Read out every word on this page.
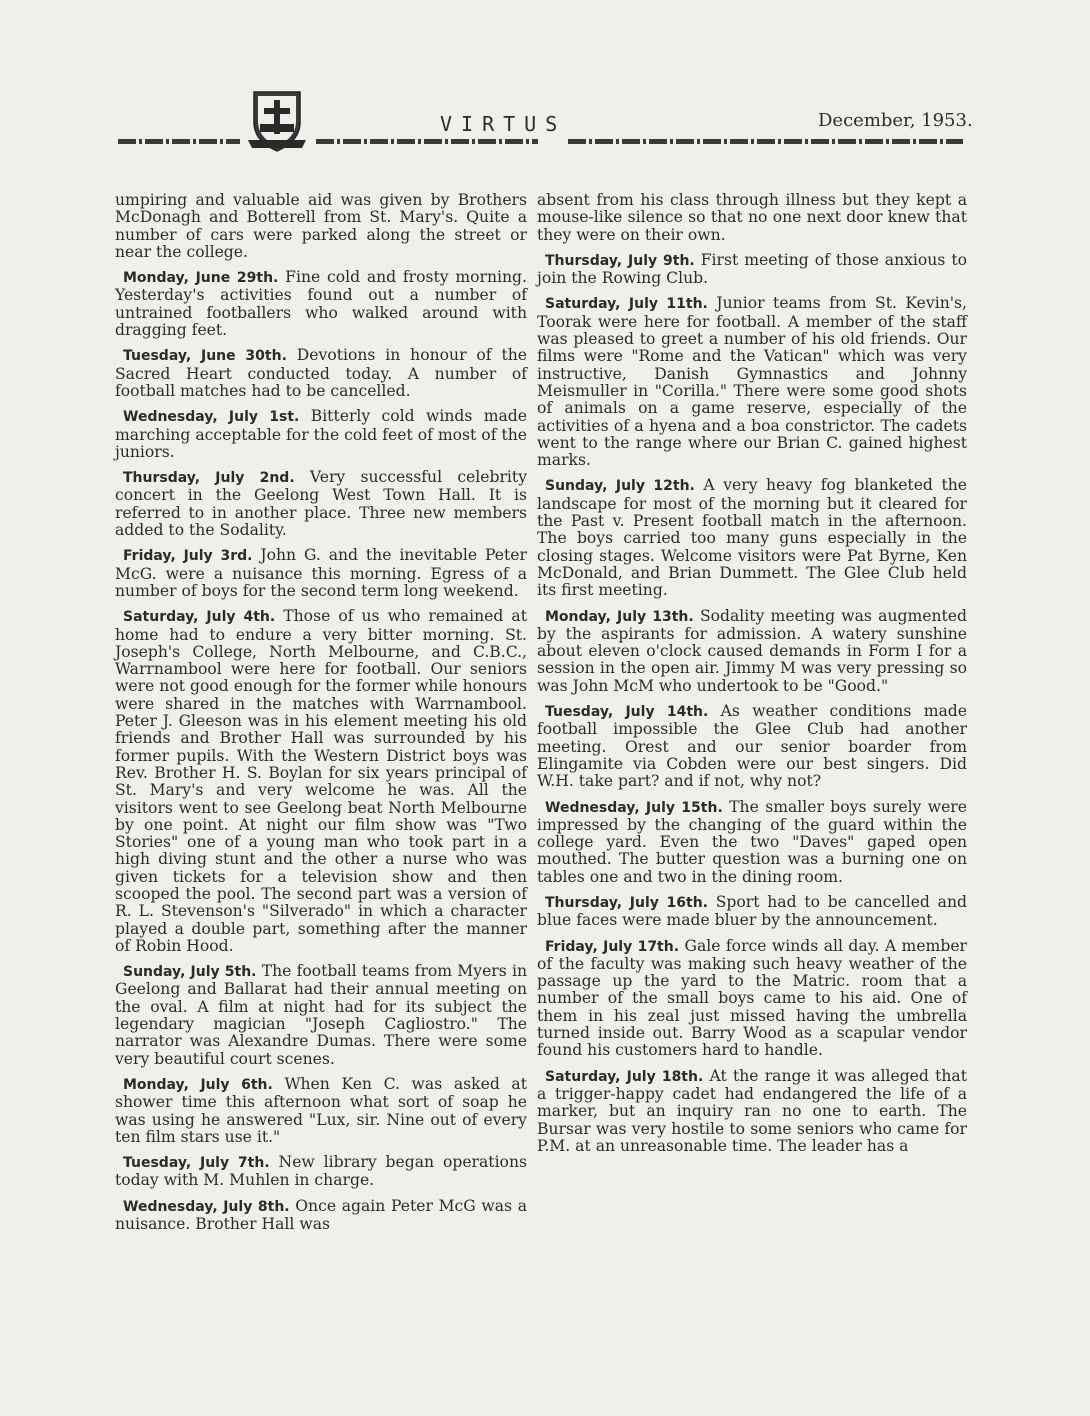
VIRTUS	December, 1953.

umpiring and valuable aid was given by Brothers McDonagh and Botterell from St. Mary's. Quite a number of cars were parked along the street or near the college.

Monday, June 29th. Fine cold and frosty morning. Yesterday's activities found out a number of untrained footballers who walked around with dragging feet.

Tuesday, June 30th. Devotions in honour of the Sacred Heart conducted today. A number of football matches had to be cancelled.

Wednesday, July 1st. Bitterly cold winds made marching acceptable for the cold feet of most of the juniors.

Thursday, July 2nd. Very successful celebrity concert in the Geelong West Town Hall. It is referred to in another place. Three new members added to the Sodality.

Friday, July 3rd. John G. and the inevitable Peter McG. were a nuisance this morning. Egress of a number of boys for the second term long weekend.

Saturday, July 4th. Those of us who remained at home had to endure a very bitter morning. St. Joseph's College, North Melbourne, and C.B.C., Warrnambool were here for football. Our seniors were not good enough for the former while honours were shared in the matches with Warrnambool. Peter J. Gleeson was in his element meeting his old friends and Brother Hall was surrounded by his former pupils. With the Western District boys was Rev. Brother H. S. Boylan for six years principal of St. Mary's and very welcome he was. All the visitors went to see Geelong beat North Melbourne by one point. At night our film show was "Two Stories" one of a young man who took part in a high diving stunt and the other a nurse who was given tickets for a television show and then scooped the pool. The second part was a version of R. L. Stevenson's "Silverado" in which a character played a double part, something after the manner of Robin Hood.

Sunday, July 5th. The football teams from Myers in Geelong and Ballarat had their annual meeting on the oval. A film at night had for its subject the legendary magician "Joseph Cagliostro." The narrator was Alexandre Dumas. There were some very beautiful court scenes.

Monday, July 6th. When Ken C. was asked at shower time this afternoon what sort of soap he was using he answered "Lux, sir. Nine out of every ten film stars use it."

Tuesday, July 7th. New library began operations today with M. Muhlen in charge.

Wednesday, July 8th. Once again Peter McG was a nuisance. Brother Hall was

absent from his class through illness but they kept a mouse-like silence so that no one next door knew that they were on their own.

Thursday, July 9th. First meeting of those anxious to join the Rowing Club.

Saturday, July 11th. Junior teams from St. Kevin's, Toorak were here for football. A member of the staff was pleased to greet a number of his old friends. Our films were "Rome and the Vatican" which was very instructive, Danish Gymnastics and Johnny Meismuller in "Corilla." There were some good shots of animals on a game reserve, especially of the activities of a hyena and a boa constrictor. The cadets went to the range where our Brian C. gained highest marks.

Sunday, July 12th. A very heavy fog blanketed the landscape for most of the morning but it cleared for the Past v. Present football match in the afternoon. The boys carried too many guns especially in the closing stages. Welcome visitors were Pat Byrne, Ken McDonald, and Brian Dummett. The Glee Club held its first meeting.

Monday, July 13th. Sodality meeting was augmented by the aspirants for admission. A watery sunshine about eleven o'clock caused demands in Form I for a session in the open air. Jimmy M was very pressing so was John McM who undertook to be "Good."

Tuesday, July 14th. As weather conditions made football impossible the Glee Club had another meeting. Orest and our senior boarder from Elingamite via Cobden were our best singers. Did W.H. take part? and if not, why not?

Wednesday, July 15th. The smaller boys surely were impressed by the changing of the guard within the college yard. Even the two "Daves" gaped open mouthed. The butter question was a burning one on tables one and two in the dining room.

Thursday, July 16th. Sport had to be cancelled and blue faces were made bluer by the announcement.

Friday, July 17th. Gale force winds all day. A member of the faculty was making such heavy weather of the passage up the yard to the Matric. room that a number of the small boys came to his aid. One of them in his zeal just missed having the umbrella turned inside out. Barry Wood as a scapular vendor found his customers hard to handle.

Saturday, July 18th. At the range it was alleged that a trigger-happy cadet had endangered the life of a marker, but an inquiry ran no one to earth. The Bursar was very hostile to some seniors who came for P.M. at an unreasonable time. The leader has a
